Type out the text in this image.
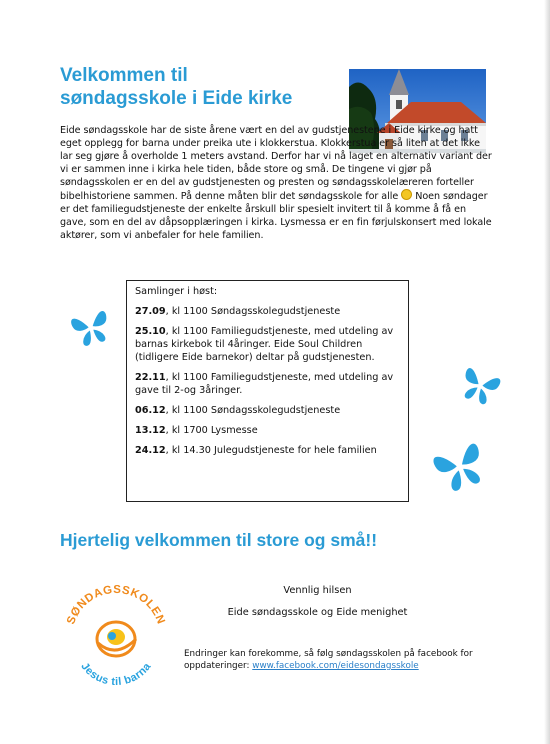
Velkommen til
søndagsskole i Eide kirke

Eide søndagsskole har de siste årene vært en del av gudstjenestene i Eide kirke og hatt eget opplegg for barna under preika ute i klokkerstua. Klokkerstua er så liten at det ikke lar seg gjøre å overholde 1 meters avstand. Derfor har vi nå laget en alternativ variant der vi er sammen inne i kirka hele tiden, både store og små. De tingene vi gjør på søndagsskolen er en del av gudstjenesten og presten og søndagsskolelæreren forteller bibelhistoriene sammen. På denne måten blir det søndagsskole for alle  Noen søndager er det familiegudstjeneste der enkelte årskull blir spesielt invitert til å komme å få en gave, som en del av dåpsopplæringen i kirka. Lysmessa er en fin førjulskonsert med lokale aktører, som vi anbefaler for hele familien.

Samlinger i høst:

27.09, kl 1100 Søndagsskolegudstjeneste

25.10, kl 1100 Familiegudstjeneste, med utdeling av barnas kirkebok til 4åringer. Eide Soul Children (tidligere Eide barnekor) deltar på gudstjenesten.

22.11, kl 1100 Familiegudstjeneste, med utdeling av gave til 2-og 3åringer.

06.12, kl 1100 Søndagsskolegudstjeneste

13.12, kl 1700 Lysmesse

24.12, kl 14.30 Julegudstjeneste for hele familien

Hjertelig velkommen til store og små!!
SØNDAGSSKOLEN
Jesus til barna
Vennlig hilsen
Eide søndagsskole og Eide menighet
Endringer kan forekomme, så følg søndagsskolen på facebook for oppdateringer: www.facebook.com/eidesondagsskole
